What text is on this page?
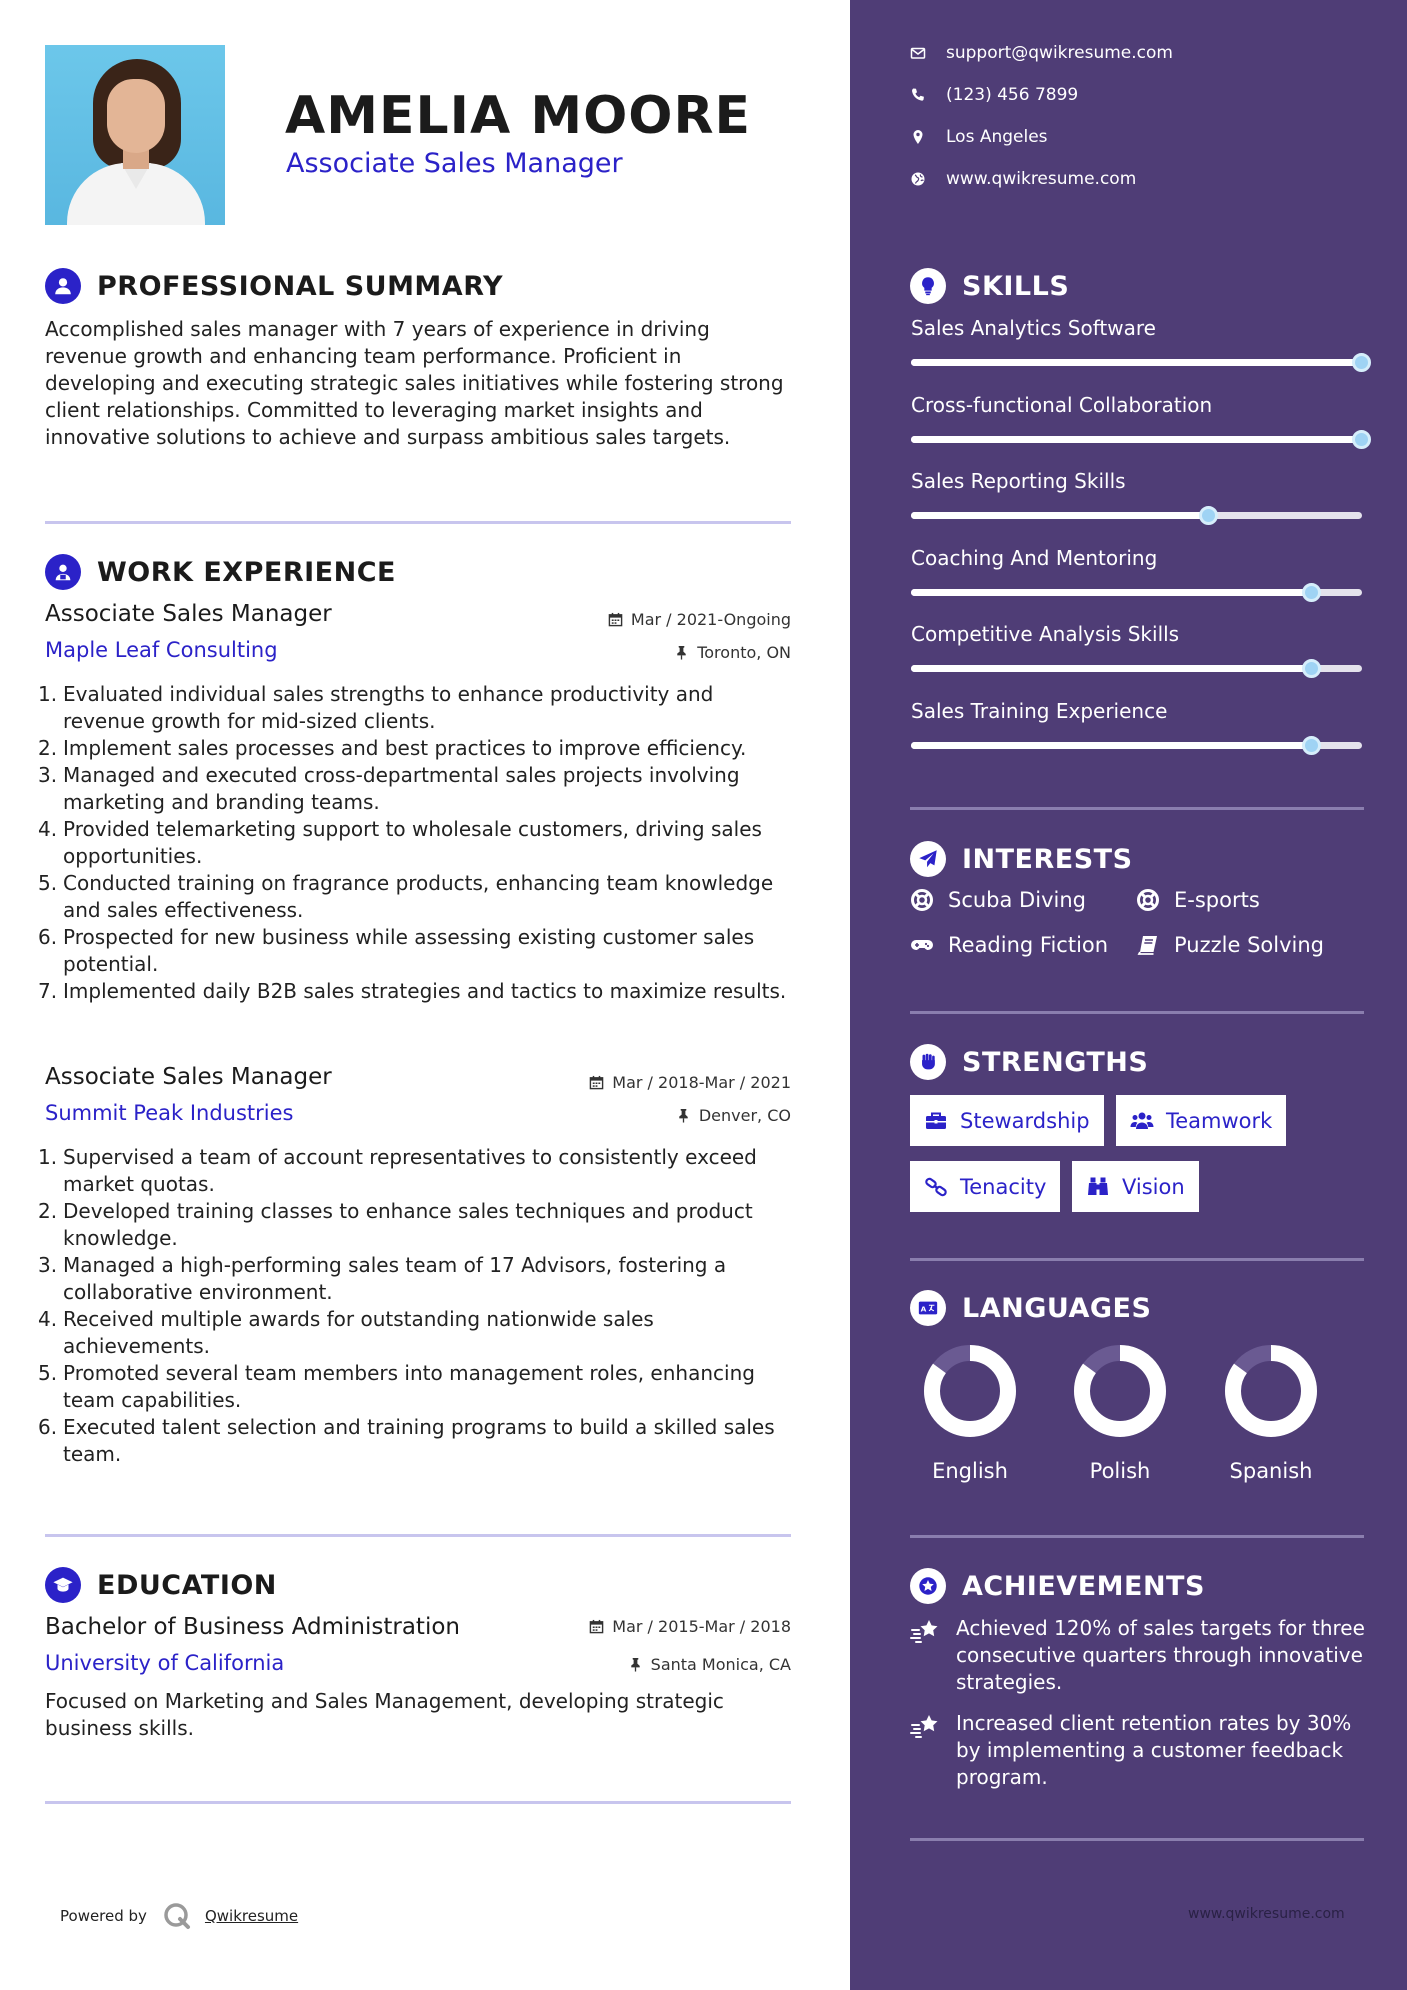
AMELIA MOORE
Associate Sales Manager
PROFESSIONAL SUMMARY
Accomplished sales manager with 7 years of experience in driving revenue growth and enhancing team performance. Proficient in developing and executing strategic sales initiatives while fostering strong client relationships. Committed to leveraging market insights and innovative solutions to achieve and surpass ambitious sales targets.
WORK EXPERIENCE
Associate Sales Manager	Mar / 2021-Ongoing
Maple Leaf Consulting	Toronto, ON
1. Evaluated individual sales strengths to enhance productivity and revenue growth for mid-sized clients.
2. Implement sales processes and best practices to improve efficiency.
3. Managed and executed cross-departmental sales projects involving marketing and branding teams.
4. Provided telemarketing support to wholesale customers, driving sales opportunities.
5. Conducted training on fragrance products, enhancing team knowledge and sales effectiveness.
6. Prospected for new business while assessing existing customer sales potential.
7. Implemented daily B2B sales strategies and tactics to maximize results.
Associate Sales Manager	Mar / 2018-Mar / 2021
Summit Peak Industries	Denver, CO
1. Supervised a team of account representatives to consistently exceed market quotas.
2. Developed training classes to enhance sales techniques and product knowledge.
3. Managed a high-performing sales team of 17 Advisors, fostering a collaborative environment.
4. Received multiple awards for outstanding nationwide sales achievements.
5. Promoted several team members into management roles, enhancing team capabilities.
6. Executed talent selection and training programs to build a skilled sales team.
EDUCATION
Bachelor of Business Administration	Mar / 2015-Mar / 2018
University of California	Santa Monica, CA
Focused on Marketing and Sales Management, developing strategic business skills.
Powered by	Qwikresume
support@qwikresume.com
(123) 456 7899
Los Angeles
www.qwikresume.com
SKILLS
Sales Analytics Software
Cross-functional Collaboration
Sales Reporting Skills
Coaching And Mentoring
Competitive Analysis Skills
Sales Training Experience
INTERESTS
Scuba Diving	E-sports
Reading Fiction	Puzzle Solving
STRENGTHS
Stewardship	Teamwork
Tenacity	Vision
A LANGUAGES
English	Polish	Spanish
ACHIEVEMENTS
Achieved 120% of sales targets for three consecutive quarters through innovative strategies.
Increased client retention rates by 30% by implementing a customer feedback program.
www.qwikresume.com
